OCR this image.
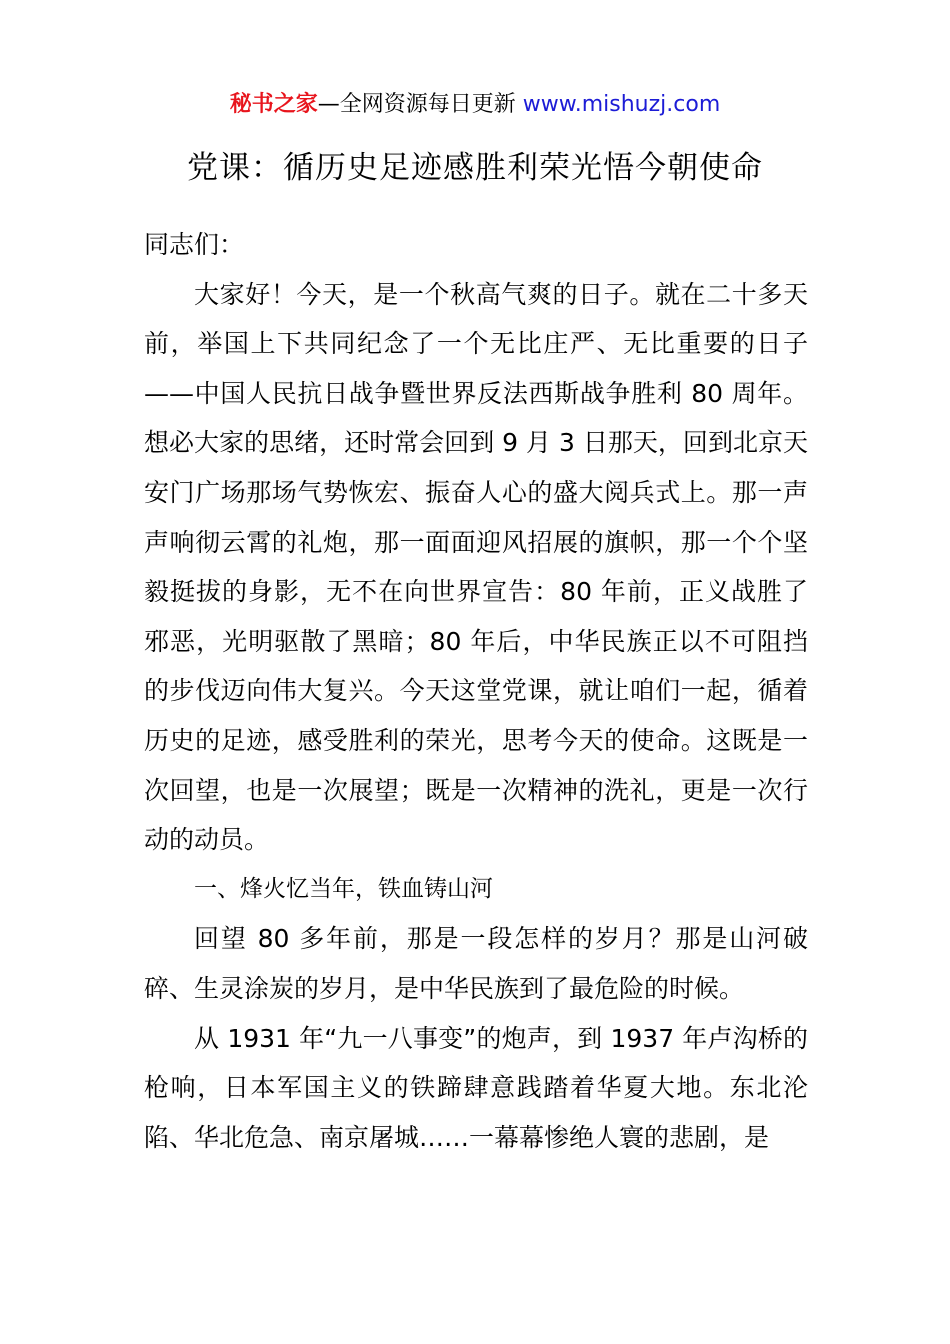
秘书之家—全网资源每日更新 www.mishuzj.com
党课：循历史足迹感胜利荣光悟今朝使命

同志们：

大家好！今天，是一个秋高气爽的日子。就在二十多天前，举国上下共同纪念了一个无比庄严、无比重要的日子——中国人民抗日战争暨世界反法西斯战争胜利 80 周年。想必大家的思绪，还时常会回到 9 月 3 日那天，回到北京天安门广场那场气势恢宏、振奋人心的盛大阅兵式上。那一声声响彻云霄的礼炮，那一面面迎风招展的旗帜，那一个个坚毅挺拔的身影，无不在向世界宣告：80 年前，正义战胜了邪恶，光明驱散了黑暗；80 年后，中华民族正以不可阻挡的步伐迈向伟大复兴。今天这堂党课，就让咱们一起，循着历史的足迹，感受胜利的荣光，思考今天的使命。这既是一次回望，也是一次展望；既是一次精神的洗礼，更是一次行动的动员。

一、烽火忆当年，铁血铸山河

回望 80 多年前，那是一段怎样的岁月？那是山河破碎、生灵涂炭的岁月，是中华民族到了最危险的时候。

从 1931 年“九一八事变”的炮声，到 1937 年卢沟桥的枪响，日本军国主义的铁蹄肆意践踏着华夏大地。东北沦陷、华北危急、南京屠城……一幕幕惨绝人寰的悲剧，是
